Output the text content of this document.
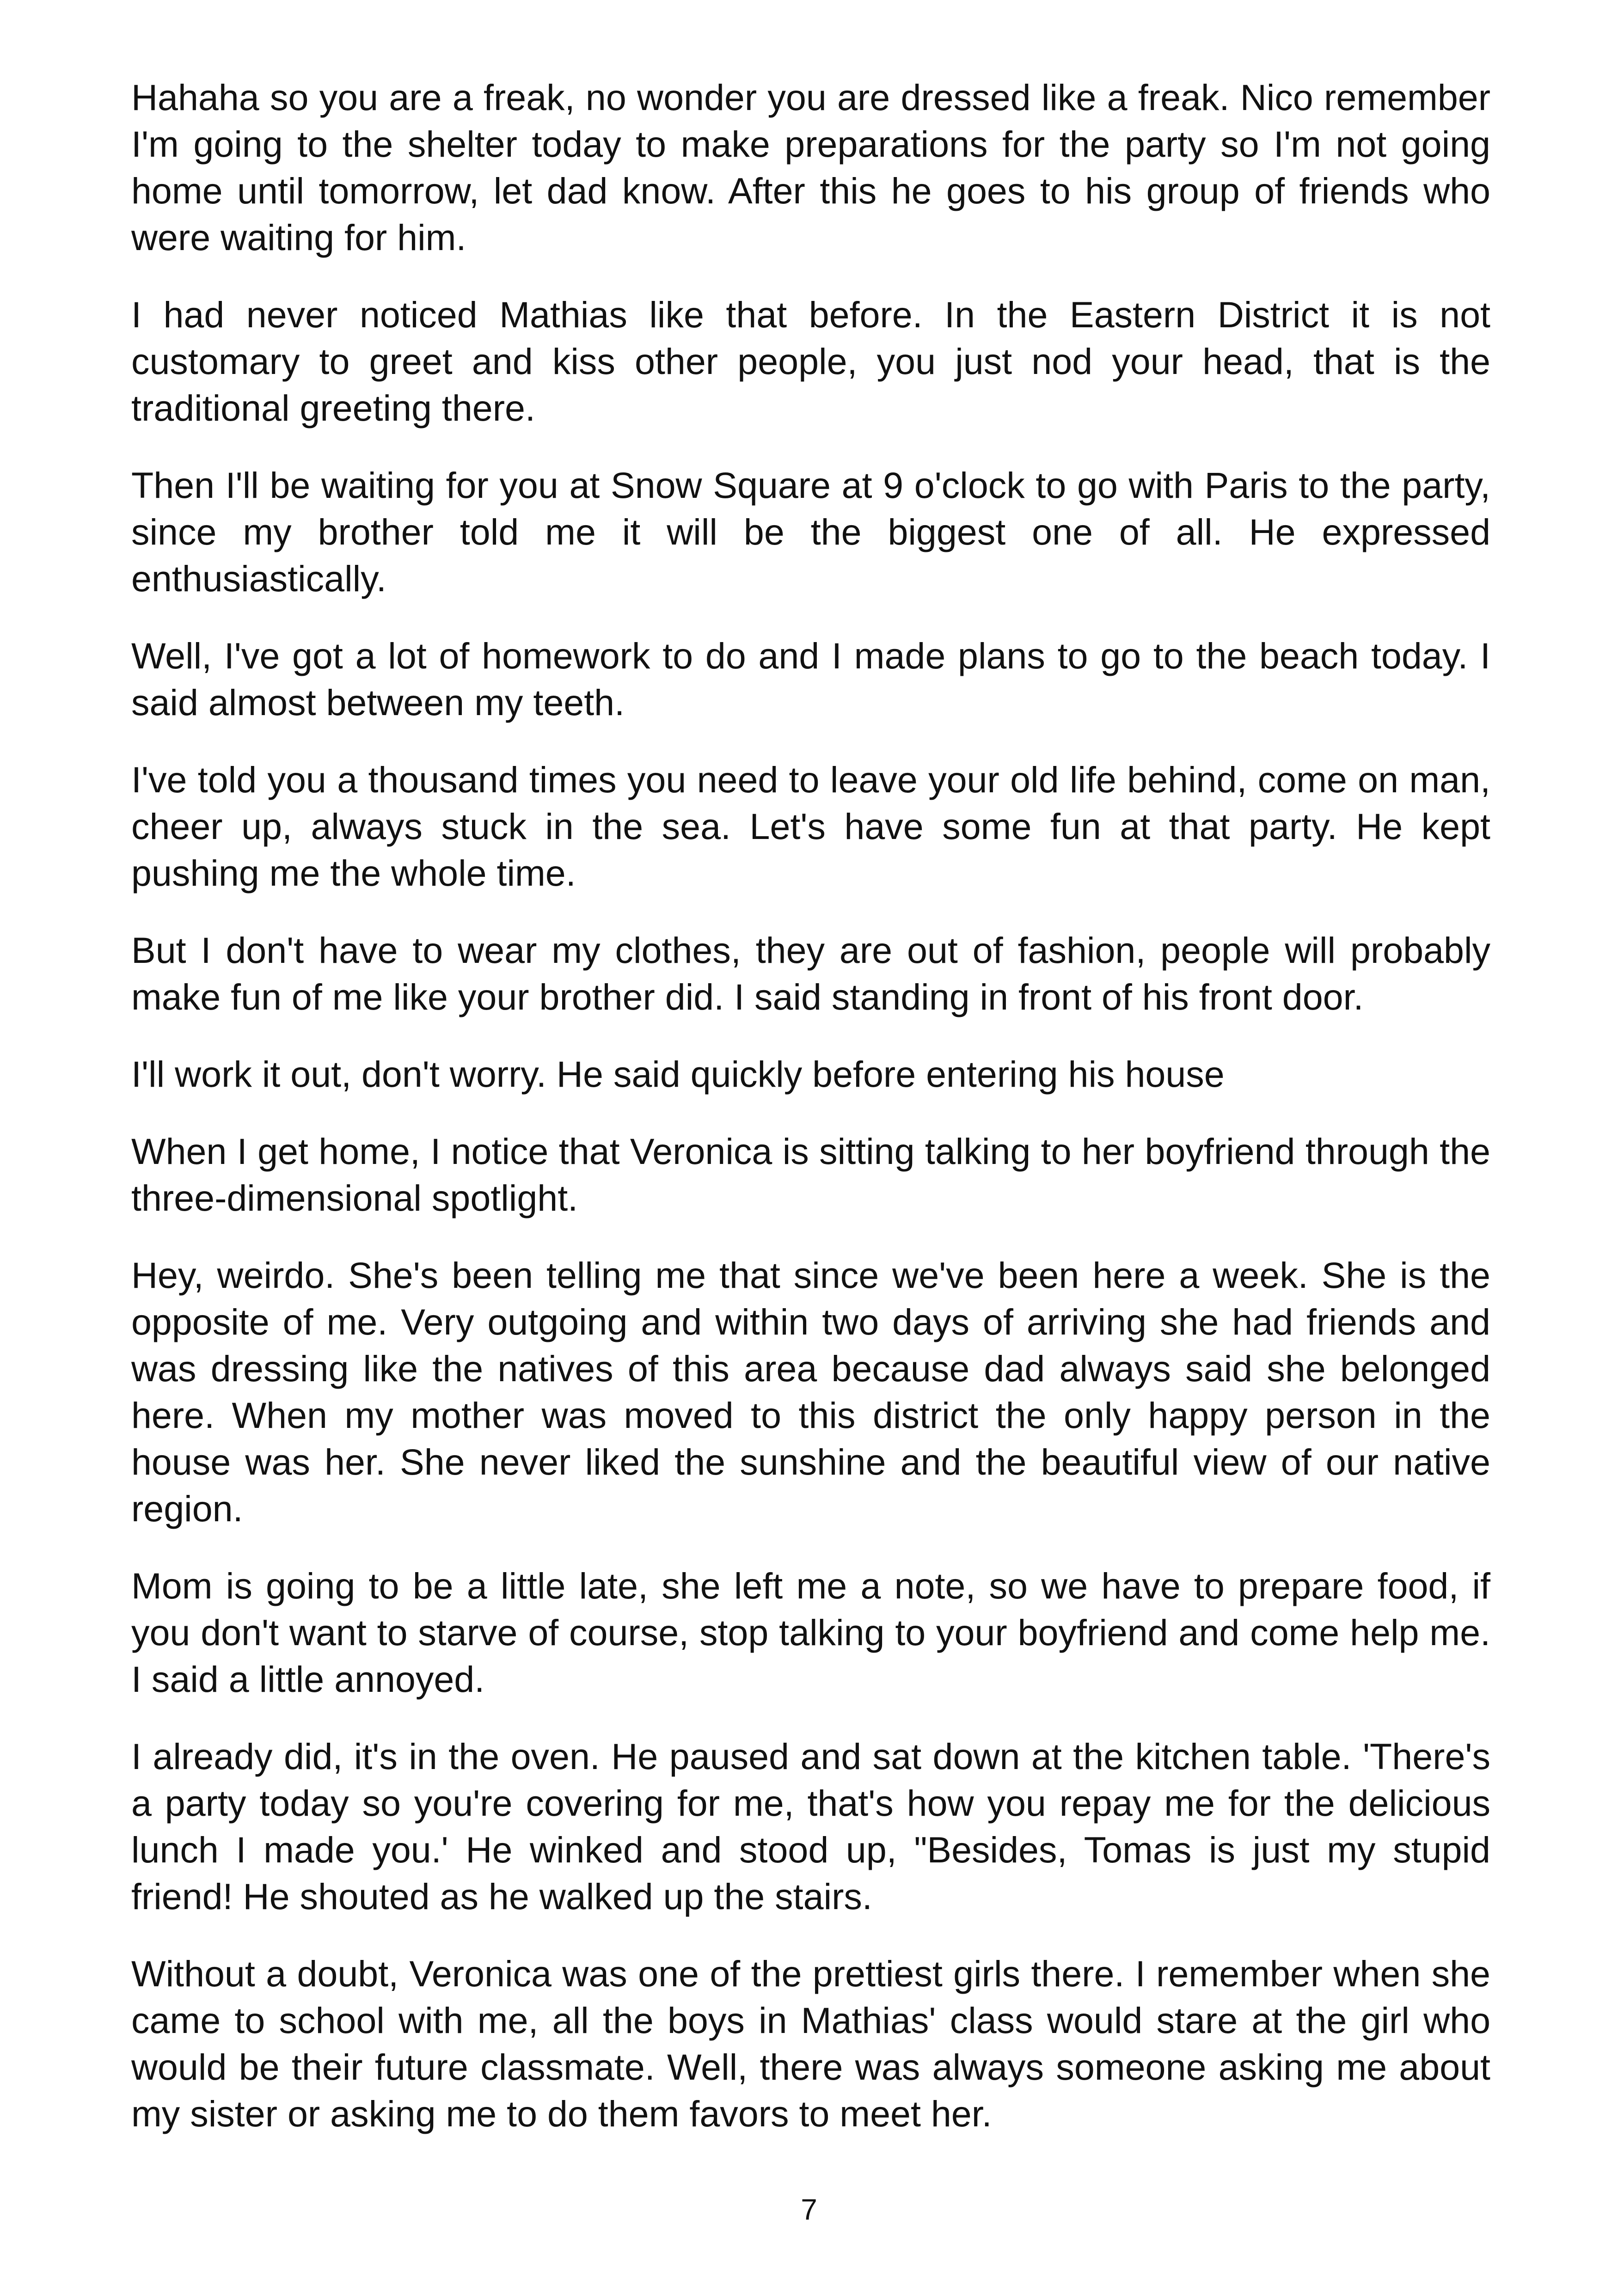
Hahaha so you are a freak, no wonder you are dressed like a freak. Nico remember I'm going to the shelter today to make preparations for the party so I'm not going home until tomorrow, let dad know. After this he goes to his group of friends who were waiting for him.

I had never noticed Mathias like that before. In the Eastern District it is not customary to greet and kiss other people, you just nod your head, that is the traditional greeting there.

Then I'll be waiting for you at Snow Square at 9 o'clock to go with Paris to the party, since my brother told me it will be the biggest one of all. He expressed enthusiastically.

Well, I've got a lot of homework to do and I made plans to go to the beach today. I said almost between my teeth.

I've told you a thousand times you need to leave your old life behind, come on man, cheer up, always stuck in the sea. Let's have some fun at that party. He kept pushing me the whole time.

But I don't have to wear my clothes, they are out of fashion, people will probably make fun of me like your brother did. I said standing in front of his front door.

I'll work it out, don't worry. He said quickly before entering his house

When I get home, I notice that Veronica is sitting talking to her boyfriend through the three-dimensional spotlight.

Hey, weirdo. She's been telling me that since we've been here a week. She is the opposite of me. Very outgoing and within two days of arriving she had friends and was dressing like the natives of this area because dad always said she belonged here. When my mother was moved to this district the only happy person in the house was her. She never liked the sunshine and the beautiful view of our native region.

Mom is going to be a little late, she left me a note, so we have to prepare food, if you don't want to starve of course, stop talking to your boyfriend and come help me. I said a little annoyed.

I already did, it's in the oven. He paused and sat down at the kitchen table. 'There's a party today so you're covering for me, that's how you repay me for the delicious lunch I made you.' He winked and stood up, "Besides, Tomas is just my stupid friend! He shouted as he walked up the stairs.

Without a doubt, Veronica was one of the prettiest girls there. I remember when she came to school with me, all the boys in Mathias' class would stare at the girl who would be their future classmate. Well, there was always someone asking me about my sister or asking me to do them favors to meet her.

7
